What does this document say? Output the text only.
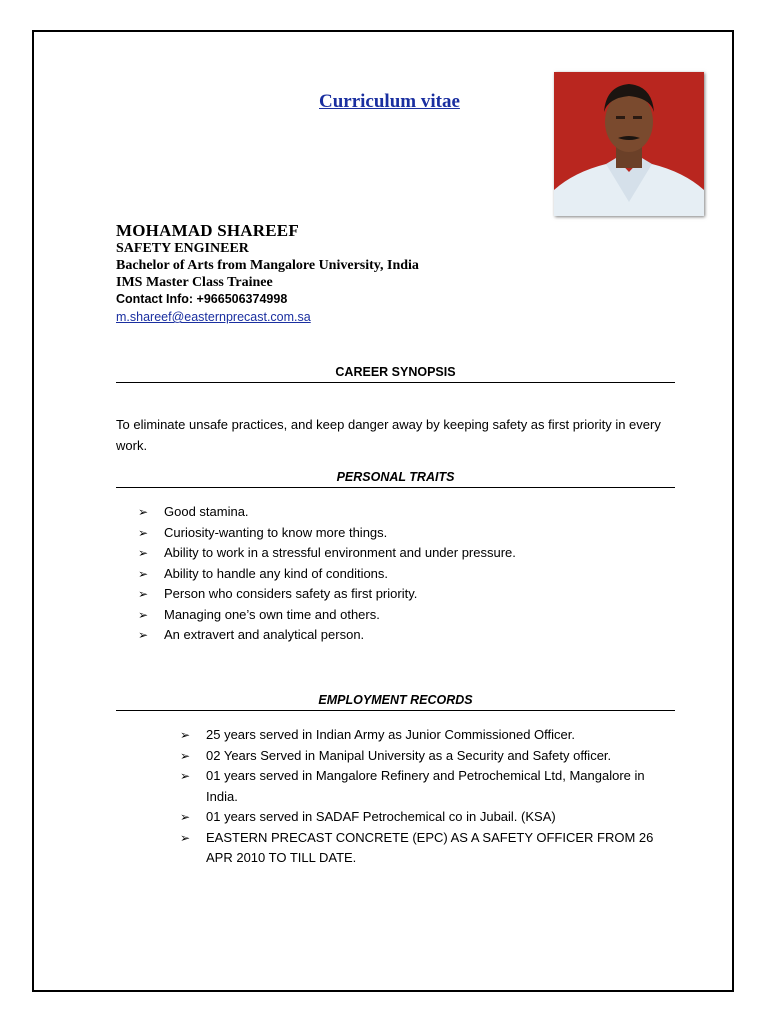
Curriculum vitae
MOHAMAD SHAREEF
SAFETY ENGINEER
Bachelor of Arts from Mangalore University, India
IMS Master Class Trainee
Contact Info: +966506374998
m.shareef@easternprecast.com.sa
CAREER SYNOPSIS
To eliminate unsafe practices, and keep danger away by keeping safety as first priority in every work.
PERSONAL TRAITS
➢ Good stamina.
➢ Curiosity-wanting to know more things.
➢ Ability to work in a stressful environment and under pressure.
➢ Ability to handle any kind of conditions.
➢ Person who considers safety as first priority.
➢ Managing one’s own time and others.
➢ An extravert and analytical person.
EMPLOYMENT RECORDS
➢ 25 years served in Indian Army as Junior Commissioned Officer.
➢ 02 Years Served in Manipal University as a Security and Safety officer.
➢ 01 years served in Mangalore Refinery and Petrochemical Ltd, Mangalore in India.
➢ 01 years served in SADAF Petrochemical co in Jubail. (KSA)
➢ EASTERN PRECAST CONCRETE (EPC) AS A SAFETY OFFICER FROM 26 APR 2010 TO TILL DATE.
